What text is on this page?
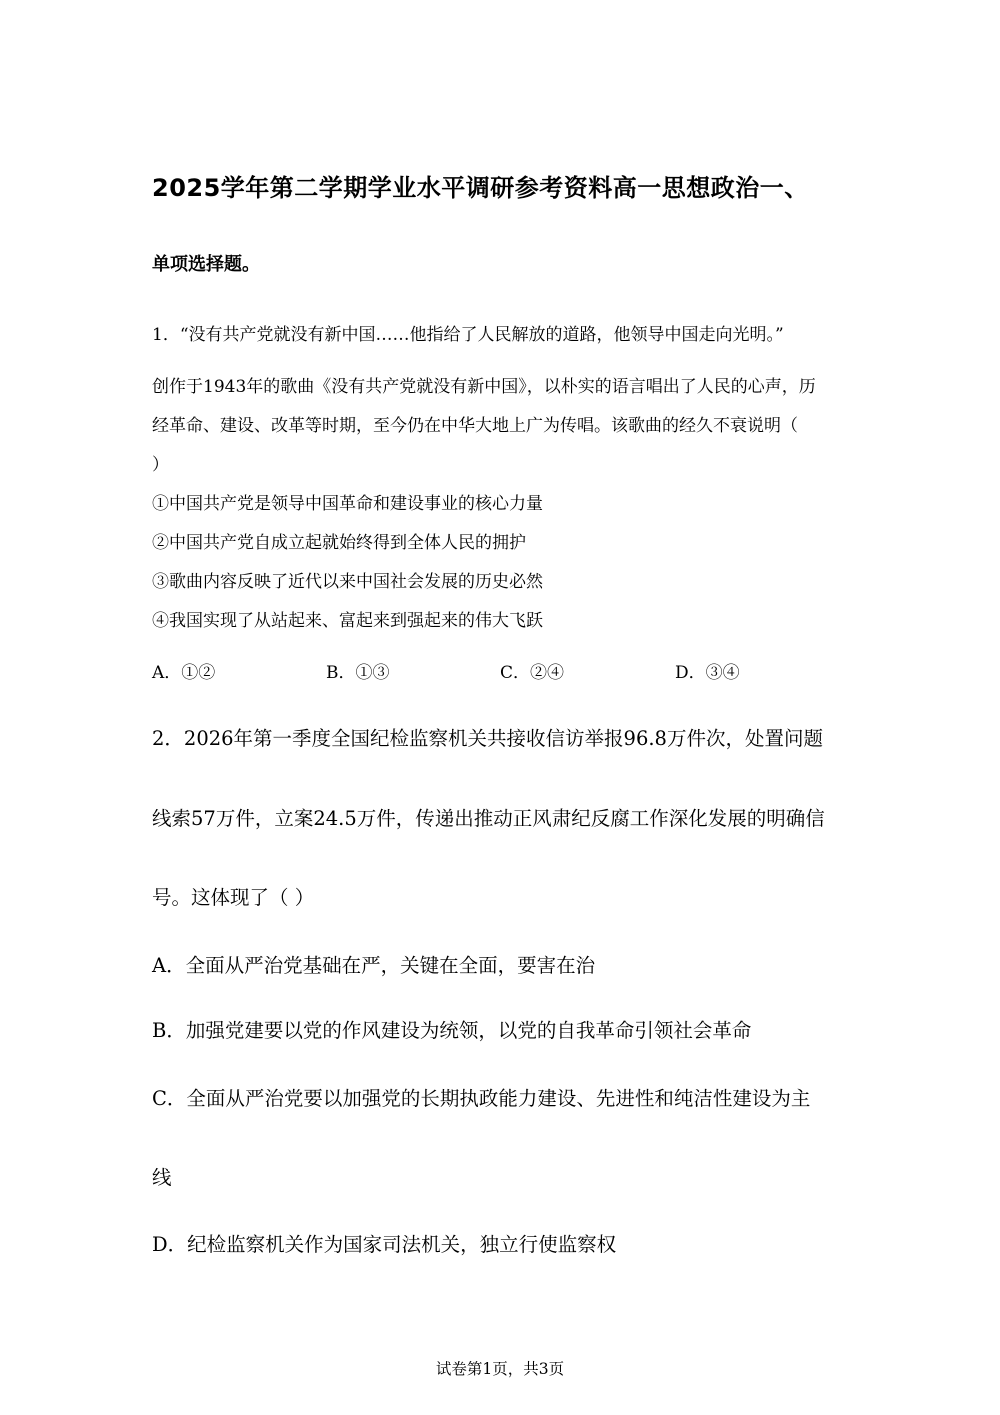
2025学年第二学期学业水平调研参考资料高一思想政治一、
单项选择题。

1．“没有共产党就没有新中国……他指给了人民解放的道路，他领导中国走向光明。”

创作于1943年的歌曲《没有共产党就没有新中国》，以朴实的语言唱出了人民的心声，历

经革命、建设、改革等时期，至今仍在中华大地上广为传唱。该歌曲的经久不衰说明（

）

①中国共产党是领导中国革命和建设事业的核心力量

②中国共产党自成立起就始终得到全体人民的拥护

③歌曲内容反映了近代以来中国社会发展的历史必然

④我国实现了从站起来、富起来到强起来的伟大飞跃

A．①②	B．①③	C．②④	D．③④

2．2026年第一季度全国纪检监察机关共接收信访举报96.8万件次，处置问题

线索57万件，立案24.5万件，传递出推动正风肃纪反腐工作深化发展的明确信

号。这体现了（ ）

A．全面从严治党基础在严，关键在全面，要害在治

B．加强党建要以党的作风建设为统领，以党的自我革命引领社会革命

C．全面从严治党要以加强党的长期执政能力建设、先进性和纯洁性建设为主

线

D．纪检监察机关作为国家司法机关，独立行使监察权

试卷第1页，共3页
